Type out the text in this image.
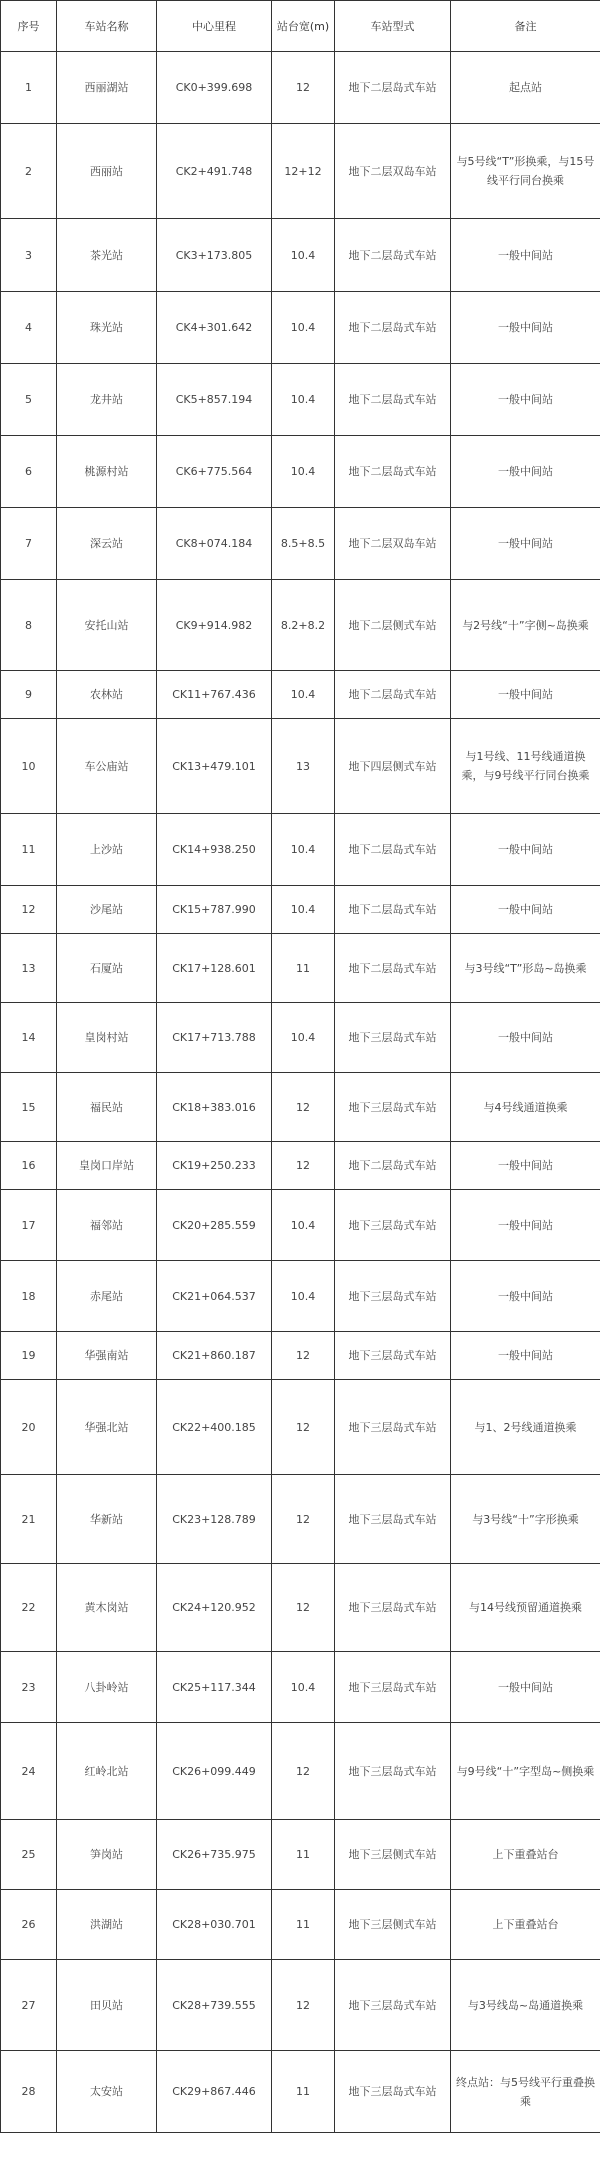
序号	车站名称	中心里程	站台宽(m)	车站型式	备注
1	西丽湖站	CK0+399.698	12	地下二层岛式车站	起点站
2	西丽站	CK2+491.748	12+12	地下二层双岛车站	与5号线“T”形换乘，与15号线平行同台换乘
3	茶光站	CK3+173.805	10.4	地下二层岛式车站	一般中间站
4	珠光站	CK4+301.642	10.4	地下二层岛式车站	一般中间站
5	龙井站	CK5+857.194	10.4	地下二层岛式车站	一般中间站
6	桃源村站	CK6+775.564	10.4	地下二层岛式车站	一般中间站
7	深云站	CK8+074.184	8.5+8.5	地下二层双岛车站	一般中间站
8	安托山站	CK9+914.982	8.2+8.2	地下二层侧式车站	与2号线“十”字侧~岛换乘
9	农林站	CK11+767.436	10.4	地下二层岛式车站	一般中间站
10	车公庙站	CK13+479.101	13	地下四层侧式车站	与1号线、11号线通道换乘，与9号线平行同台换乘
11	上沙站	CK14+938.250	10.4	地下二层岛式车站	一般中间站
12	沙尾站	CK15+787.990	10.4	地下二层岛式车站	一般中间站
13	石厦站	CK17+128.601	11	地下二层岛式车站	与3号线“T”形岛~岛换乘
14	皇岗村站	CK17+713.788	10.4	地下三层岛式车站	一般中间站
15	福民站	CK18+383.016	12	地下三层岛式车站	与4号线通道换乘
16	皇岗口岸站	CK19+250.233	12	地下二层岛式车站	一般中间站
17	福邻站	CK20+285.559	10.4	地下三层岛式车站	一般中间站
18	赤尾站	CK21+064.537	10.4	地下三层岛式车站	一般中间站
19	华强南站	CK21+860.187	12	地下三层岛式车站	一般中间站
20	华强北站	CK22+400.185	12	地下三层岛式车站	与1、2号线通道换乘
21	华新站	CK23+128.789	12	地下三层岛式车站	与3号线“十”字形换乘
22	黄木岗站	CK24+120.952	12	地下三层岛式车站	与14号线预留通道换乘
23	八卦岭站	CK25+117.344	10.4	地下三层岛式车站	一般中间站
24	红岭北站	CK26+099.449	12	地下三层岛式车站	与9号线“十”字型岛~侧换乘
25	笋岗站	CK26+735.975	11	地下三层侧式车站	上下重叠站台
26	洪湖站	CK28+030.701	11	地下三层侧式车站	上下重叠站台
27	田贝站	CK28+739.555	12	地下三层岛式车站	与3号线岛~岛通道换乘
28	太安站	CK29+867.446	11	地下三层岛式车站	终点站：与5号线平行重叠换乘
